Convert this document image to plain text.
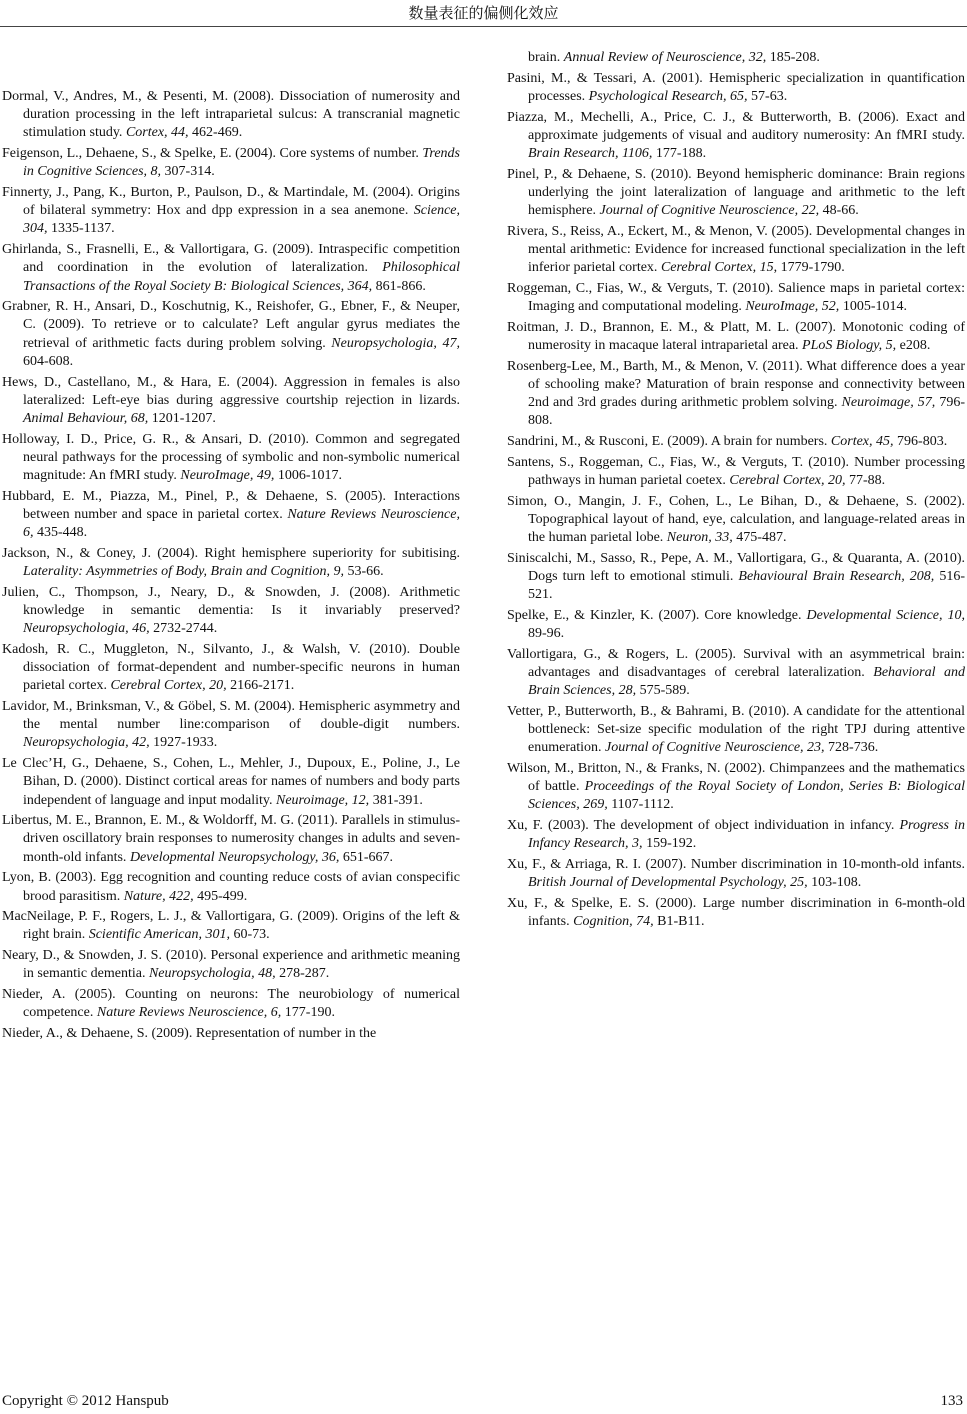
数量表征的偏侧化效应

Dormal, V., Andres, M., & Pesenti, M. (2008). Dissociation of numerosity and duration processing in the left intraparietal sulcus: A transcranial magnetic stimulation study. Cortex, 44, 462-469.

Feigenson, L., Dehaene, S., & Spelke, E. (2004). Core systems of number. Trends in Cognitive Sciences, 8, 307-314.

Finnerty, J., Pang, K., Burton, P., Paulson, D., & Martindale, M. (2004). Origins of bilateral symmetry: Hox and dpp expression in a sea anemone. Science, 304, 1335-1137.

Ghirlanda, S., Frasnelli, E., & Vallortigara, G. (2009). Intraspecific competition and coordination in the evolution of lateralization. Philosophical Transactions of the Royal Society B: Biological Sciences, 364, 861-866.

Grabner, R. H., Ansari, D., Koschutnig, K., Reishofer, G., Ebner, F., & Neuper, C. (2009). To retrieve or to calculate? Left angular gyrus mediates the retrieval of arithmetic facts during problem solving. Neuropsychologia, 47, 604-608.

Hews, D., Castellano, M., & Hara, E. (2004). Aggression in females is also lateralized: Left-eye bias during aggressive courtship rejection in lizards. Animal Behaviour, 68, 1201-1207.

Holloway, I. D., Price, G. R., & Ansari, D. (2010). Common and segregated neural pathways for the processing of symbolic and non-symbolic numerical magnitude: An fMRI study. NeuroImage, 49, 1006-1017.

Hubbard, E. M., Piazza, M., Pinel, P., & Dehaene, S. (2005). Interactions between number and space in parietal cortex. Nature Reviews Neuroscience, 6, 435-448.

Jackson, N., & Coney, J. (2004). Right hemisphere superiority for subitising. Laterality: Asymmetries of Body, Brain and Cognition, 9, 53-66.

Julien, C., Thompson, J., Neary, D., & Snowden, J. (2008). Arithmetic knowledge in semantic dementia: Is it invariably preserved? Neuropsychologia, 46, 2732-2744.

Kadosh, R. C., Muggleton, N., Silvanto, J., & Walsh, V. (2010). Double dissociation of format-dependent and number-specific neurons in human parietal cortex. Cerebral Cortex, 20, 2166-2171.

Lavidor, M., Brinksman, V., & Göbel, S. M. (2004). Hemispheric asymmetry and the mental number line:comparison of double-digit numbers. Neuropsychologia, 42, 1927-1933.

Le Clec’H, G., Dehaene, S., Cohen, L., Mehler, J., Dupoux, E., Poline, J., Le Bihan, D. (2000). Distinct cortical areas for names of numbers and body parts independent of language and input modality. Neuroimage, 12, 381-391.

Libertus, M. E., Brannon, E. M., & Woldorff, M. G. (2011). Parallels in stimulus-driven oscillatory brain responses to numerosity changes in adults and seven-month-old infants. Developmental Neuropsychology, 36, 651-667.

Lyon, B. (2003). Egg recognition and counting reduce costs of avian conspecific brood parasitism. Nature, 422, 495-499.

MacNeilage, P. F., Rogers, L. J., & Vallortigara, G. (2009). Origins of the left & right brain. Scientific American, 301, 60-73.

Neary, D., & Snowden, J. S. (2010). Personal experience and arithmetic meaning in semantic dementia. Neuropsychologia, 48, 278-287.

Nieder, A. (2005). Counting on neurons: The neurobiology of numerical competence. Nature Reviews Neuroscience, 6, 177-190.

Nieder, A., & Dehaene, S. (2009). Representation of number in the

brain. Annual Review of Neuroscience, 32, 185-208.

Pasini, M., & Tessari, A. (2001). Hemispheric specialization in quantification processes. Psychological Research, 65, 57-63.

Piazza, M., Mechelli, A., Price, C. J., & Butterworth, B. (2006). Exact and approximate judgements of visual and auditory numerosity: An fMRI study. Brain Research, 1106, 177-188.

Pinel, P., & Dehaene, S. (2010). Beyond hemispheric dominance: Brain regions underlying the joint lateralization of language and arithmetic to the left hemisphere. Journal of Cognitive Neuroscience, 22, 48-66.

Rivera, S., Reiss, A., Eckert, M., & Menon, V. (2005). Developmental changes in mental arithmetic: Evidence for increased functional specialization in the left inferior parietal cortex. Cerebral Cortex, 15, 1779-1790.

Roggeman, C., Fias, W., & Verguts, T. (2010). Salience maps in parietal cortex: Imaging and computational modeling. NeuroImage, 52, 1005-1014.

Roitman, J. D., Brannon, E. M., & Platt, M. L. (2007). Monotonic coding of numerosity in macaque lateral intraparietal area. PLoS Biology, 5, e208.

Rosenberg-Lee, M., Barth, M., & Menon, V. (2011). What difference does a year of schooling make? Maturation of brain response and connectivity between 2nd and 3rd grades during arithmetic problem solving. Neuroimage, 57, 796-808.

Sandrini, M., & Rusconi, E. (2009). A brain for numbers. Cortex, 45, 796-803.

Santens, S., Roggeman, C., Fias, W., & Verguts, T. (2010). Number processing pathways in human parietal coetex. Cerebral Cortex, 20, 77-88.

Simon, O., Mangin, J. F., Cohen, L., Le Bihan, D., & Dehaene, S. (2002). Topographical layout of hand, eye, calculation, and language-related areas in the human parietal lobe. Neuron, 33, 475-487.

Siniscalchi, M., Sasso, R., Pepe, A. M., Vallortigara, G., & Quaranta, A. (2010). Dogs turn left to emotional stimuli. Behavioural Brain Research, 208, 516-521.

Spelke, E., & Kinzler, K. (2007). Core knowledge. Developmental Science, 10, 89-96.

Vallortigara, G., & Rogers, L. (2005). Survival with an asymmetrical brain: advantages and disadvantages of cerebral lateralization. Behavioral and Brain Sciences, 28, 575-589.

Vetter, P., Butterworth, B., & Bahrami, B. (2010). A candidate for the attentional bottleneck: Set-size specific modulation of the right TPJ during attentive enumeration. Journal of Cognitive Neuroscience, 23, 728-736.

Wilson, M., Britton, N., & Franks, N. (2002). Chimpanzees and the mathematics of battle. Proceedings of the Royal Society of London, Series B: Biological Sciences, 269, 1107-1112.

Xu, F. (2003). The development of object individuation in infancy. Progress in Infancy Research, 3, 159-192.

Xu, F., & Arriaga, R. I. (2007). Number discrimination in 10-month-old infants. British Journal of Developmental Psychology, 25, 103-108.

Xu, F., & Spelke, E. S. (2000). Large number discrimination in 6-month-old infants. Cognition, 74, B1-B11.

Copyright © 2012 Hanspub	133
